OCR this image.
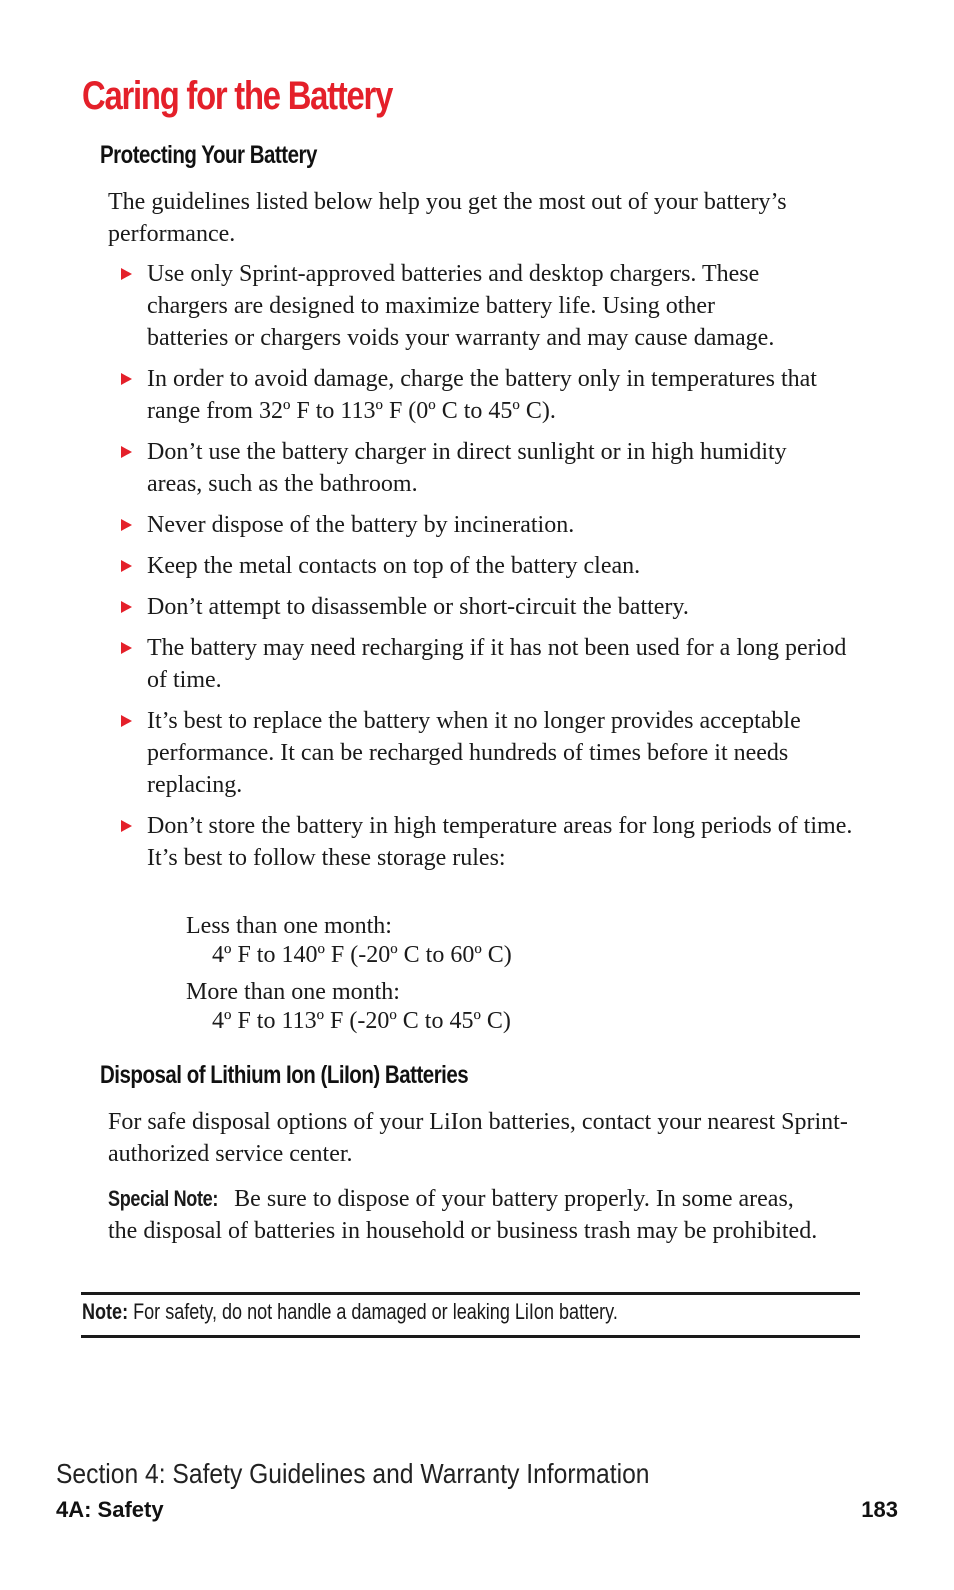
Caring for the Battery
Protecting Your Battery

The guidelines listed below help you get the most out of your battery’s performance.

Use only Sprint-approved batteries and desktop chargers. These chargers are designed to maximize battery life. Using other batteries or chargers voids your warranty and may cause damage.
In order to avoid damage, charge the battery only in temperatures that range from 32º F to 113º F (0º C to 45º C).
Don’t use the battery charger in direct sunlight or in high humidity areas, such as the bathroom.
Never dispose of the battery by incineration.
Keep the metal contacts on top of the battery clean.
Don’t attempt to disassemble or short-circuit the battery.
The battery may need recharging if it has not been used for a long period of time.
It’s best to replace the battery when it no longer provides acceptable performance. It can be recharged hundreds of times before it needs replacing.
Don’t store the battery in high temperature areas for long periods of time. It’s best to follow these storage rules:
Less than one month:
4º F to 140º F (-20º C to 60º C)
More than one month:
4º F to 113º F (-20º C to 45º C)
Disposal of Lithium Ion (LiIon) Batteries

For safe disposal options of your LiIon batteries, contact your nearest Sprint-authorized service center.

Special Note: Be sure to dispose of your battery properly. In some areas, the disposal of batteries in household or business trash may be prohibited.

Note: For safety, do not handle a damaged or leaking LiIon battery.
Section 4: Safety Guidelines and Warranty Information
4A: Safety	183
